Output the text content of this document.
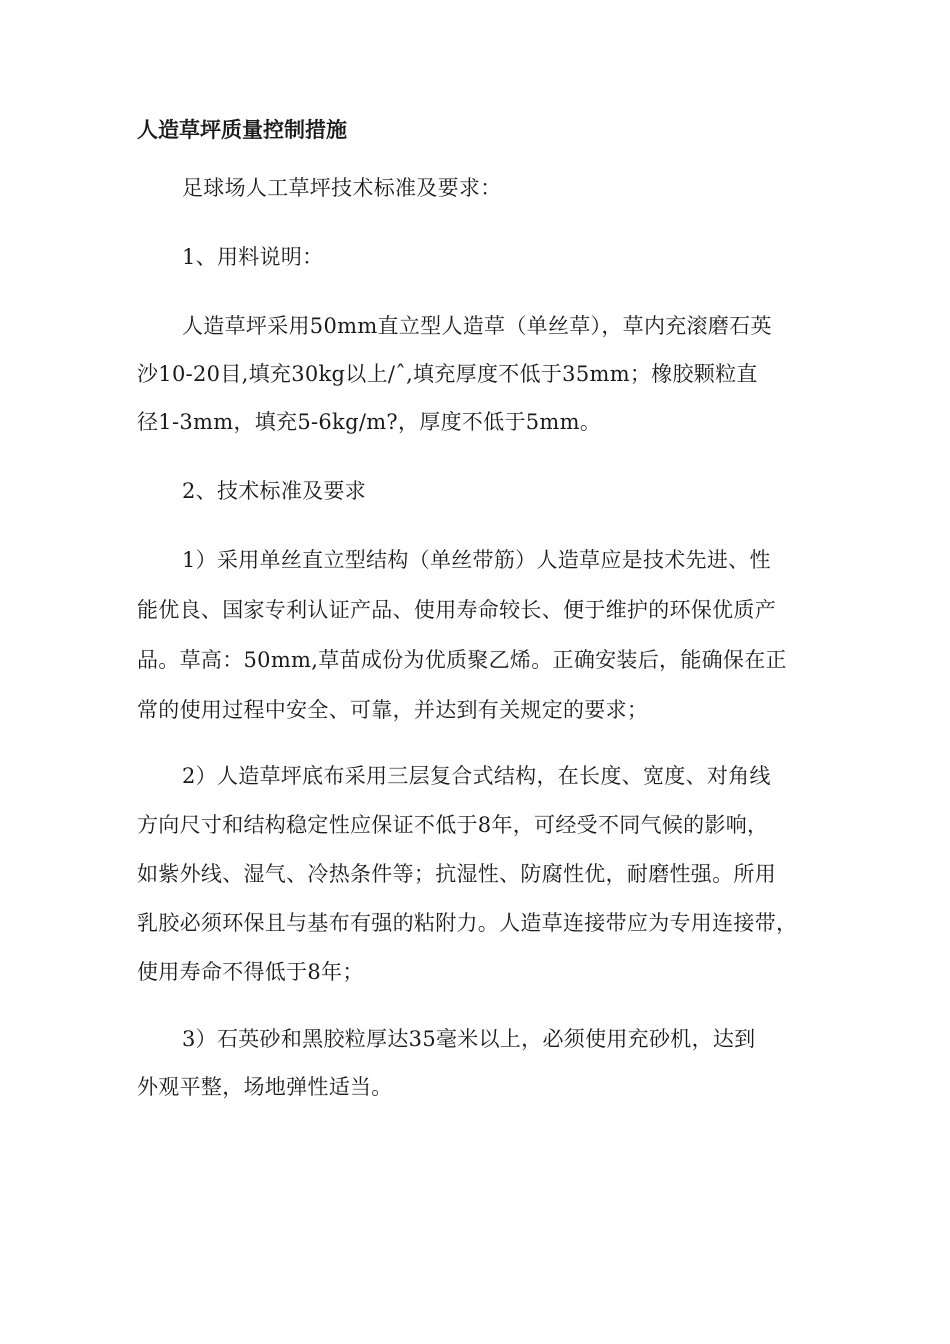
人造草坪质量控制措施
足球场人工草坪技术标准及要求：
1、用料说明：
人造草坪采用50mm直立型人造草（单丝草），草内充滚磨石英
沙10-20目,填充30kg以上/ˆ,填充厚度不低于35mm；橡胶颗粒直
径1-3mm，填充5-6kg/m?，厚度不低于5mm。
2、技术标准及要求
1）采用单丝直立型结构（单丝带筋）人造草应是技术先进、性
能优良、国家专利认证产品、使用寿命较长、便于维护的环保优质产
品。草高：50mm,草苗成份为优质聚乙烯。正确安装后，能确保在正
常的使用过程中安全、可靠，并达到有关规定的要求；
2）人造草坪底布采用三层复合式结构，在长度、宽度、对角线
方向尺寸和结构稳定性应保证不低于8年，可经受不同气候的影响，
如紫外线、湿气、冷热条件等；抗湿性、防腐性优，耐磨性强。所用
乳胶必须环保且与基布有强的粘附力。人造草连接带应为专用连接带，
使用寿命不得低于8年；
3）石英砂和黑胶粒厚达35毫米以上，必须使用充砂机，达到
外观平整，场地弹性适当。
